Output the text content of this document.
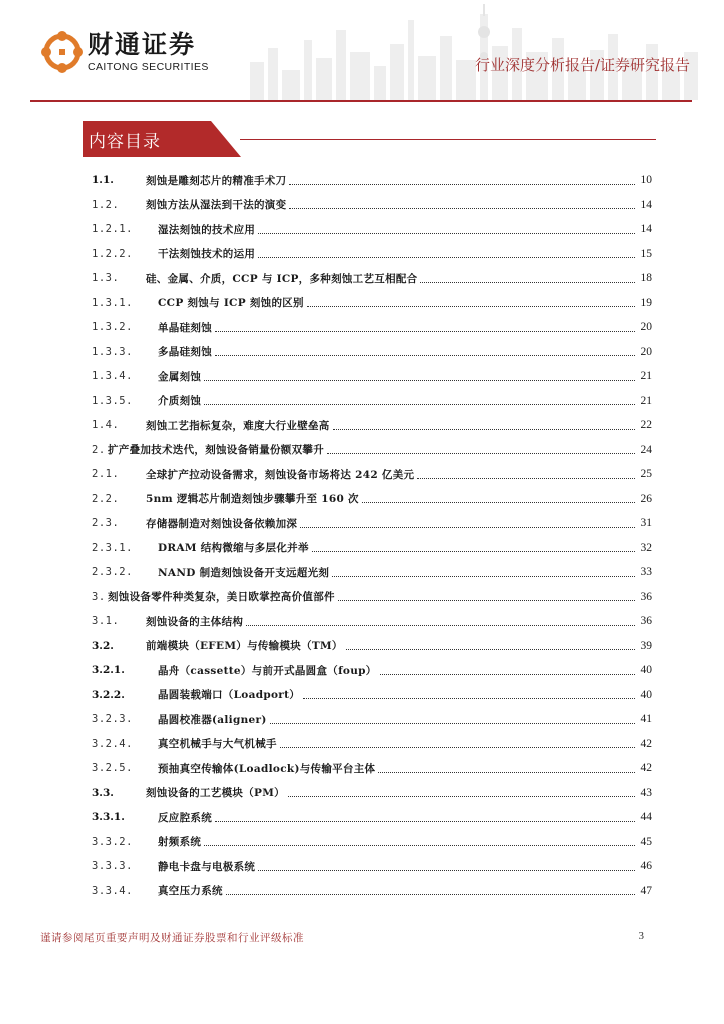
财通证券
CAITONG SECURITIES	行业深度分析报告/证券研究报告
内容目录
1.1.	刻蚀是雕刻芯片的精准手术刀	10
1.2.	刻蚀方法从湿法到干法的演变	14
1.2.1.	湿法刻蚀的技术应用	14
1.2.2.	干法刻蚀技术的运用	15
1.3.	硅、金属、介质，CCP 与 ICP，多种刻蚀工艺互相配合	18
1.3.1.	CCP 刻蚀与 ICP 刻蚀的区别	19
1.3.2.	单晶硅刻蚀	20
1.3.3.	多晶硅刻蚀	20
1.3.4.	金属刻蚀	21
1.3.5.	介质刻蚀	21
1.4.	刻蚀工艺指标复杂，难度大行业壁垒高	22
2. 扩产叠加技术迭代，刻蚀设备销量份额双攀升	24
2.1.	全球扩产拉动设备需求，刻蚀设备市场将达 242 亿美元	25
2.2.	5nm 逻辑芯片制造刻蚀步骤攀升至 160 次	26
2.3.	存储器制造对刻蚀设备依赖加深	31
2.3.1.	DRAM 结构微缩与多层化并举	32
2.3.2.	NAND 制造刻蚀设备开支远超光刻	33
3. 刻蚀设备零件种类复杂，美日欧掌控高价值部件	36
3.1.	刻蚀设备的主体结构	36
3.2.	前端模块（EFEM）与传输模块（TM）	39
3.2.1.	晶舟（cassette）与前开式晶圆盒（foup）	40
3.2.2.	晶圆装载端口（Loadport）	40
3.2.3.	晶圆校准器(aligner)	41
3.2.4.	真空机械手与大气机械手	42
3.2.5.	预抽真空传输体(Loadlock)与传输平台主体	42
3.3.	刻蚀设备的工艺模块（PM）	43
3.3.1.	反应腔系统	44
3.3.2.	射频系统	45
3.3.3.	静电卡盘与电极系统	46
3.3.4.	真空压力系统	47
谨请参阅尾页重要声明及财通证券股票和行业评级标准	3
